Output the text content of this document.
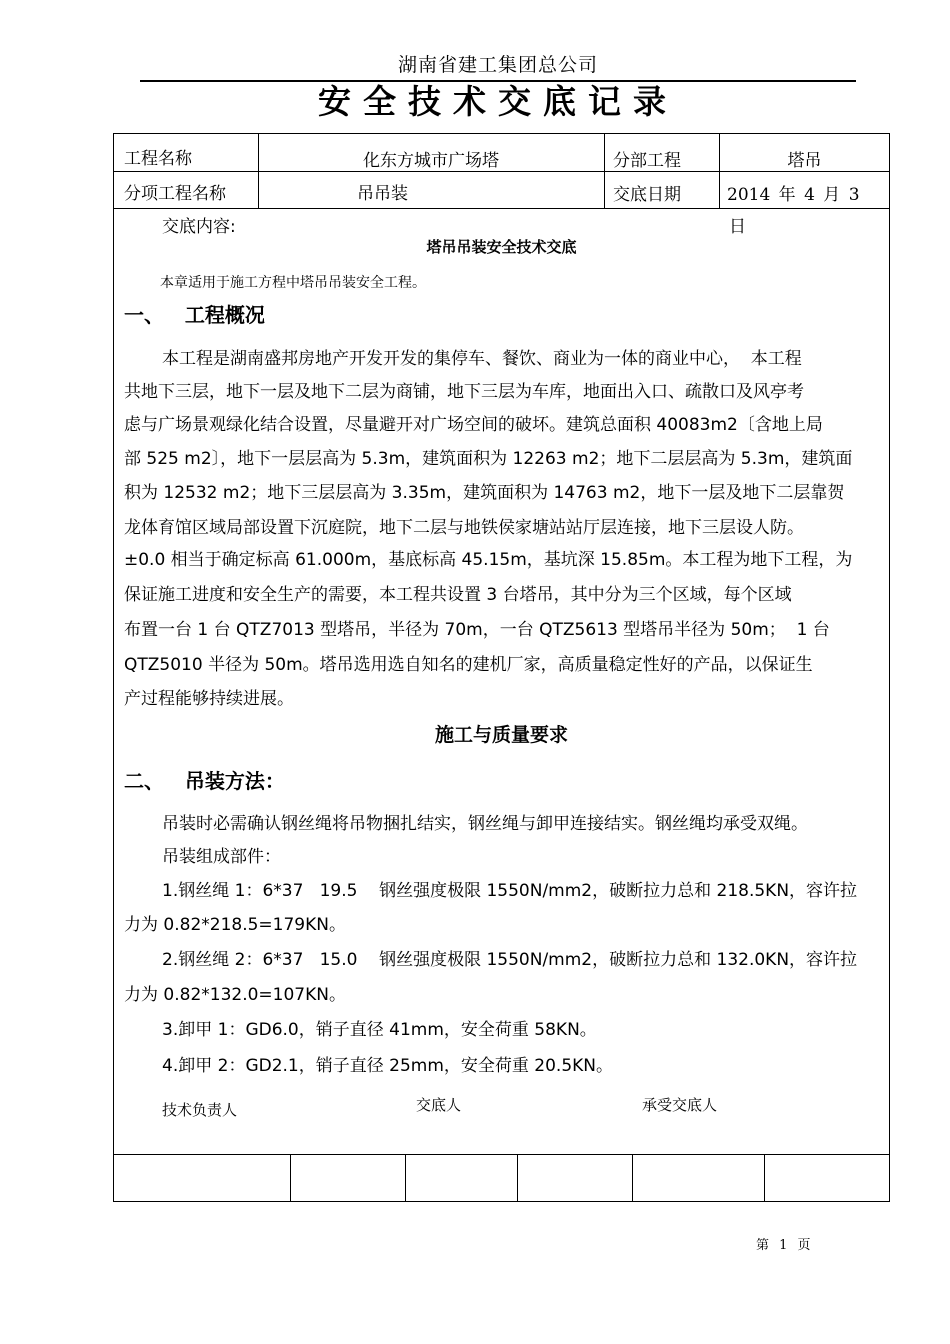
湖南省建工集团总公司
安全技术交底记录
工程名称	化东方城市广场塔	分部工程	塔吊
分项工程名称	吊吊装	交底日期	2014 年 4 月 3
交底内容:	日
塔吊吊装安全技术交底
本章适用于施工方程中塔吊吊装安全工程。
一、   工程概况
本工程是湖南盛邦房地产开发开发的集停车、餐饮、商业为一体的商业中心，  本工程
共地下三层，地下一层及地下二层为商铺，地下三层为车库，地面出入口、疏散口及风亭考
虑与广场景观绿化结合设置，尽量避开对广场空间的破坏。建筑总面积 40083m2〔含地上局
部 525 m2〕，地下一层层高为 5.3m，建筑面积为 12263 m2；地下二层层高为 5.3m，建筑面
积为 12532 m2；地下三层层高为 3.35m，建筑面积为 14763 m2，地下一层及地下二层靠贺
龙体育馆区域局部设置下沉庭院，地下二层与地铁侯家塘站站厅层连接，地下三层设人防。
±0.0 相当于确定标高 61.000m，基底标高 45.15m，基坑深 15.85m。本工程为地下工程，为
保证施工进度和安全生产的需要，本工程共设置 3 台塔吊，其中分为三个区域，每个区域
布置一台 1 台 QTZ7013 型塔吊，半径为 70m，一台 QTZ5613 型塔吊半径为 50m；  1 台
QTZ5010 半径为 50m。塔吊选用选自知名的建机厂家，高质量稳定性好的产品，以保证生
产过程能够持续进展。
施工与质量要求
二、   吊装方法：
吊装时必需确认钢丝绳将吊物捆扎结实，钢丝绳与卸甲连接结实。钢丝绳均承受双绳。
吊装组成部件：
1.钢丝绳 1：6*37   19.5    钢丝强度极限 1550N/mm2，破断拉力总和 218.5KN，容许拉
力为 0.82*218.5=179KN。
2.钢丝绳 2：6*37   15.0    钢丝强度极限 1550N/mm2，破断拉力总和 132.0KN，容许拉
力为 0.82*132.0=107KN。
3.卸甲 1：GD6.0，销子直径 41mm，安全荷重 58KN。
4.卸甲 2：GD2.1，销子直径 25mm，安全荷重 20.5KN。
技术负责人	交底人	承受交底人
第 1 页
